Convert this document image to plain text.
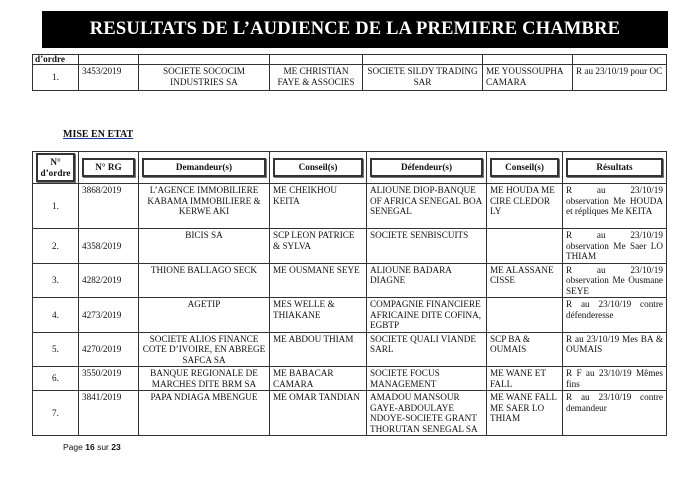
RESULTATS DE L’AUDIENCE DE LA PREMIERE CHAMBRE
d’ordre						
1.	3453/2019	SOCIETE SOCOCIM INDUSTRIES SA	ME CHRISTIAN FAYE & ASSOCIES	SOCIETE SILDY TRADING SAR	ME YOUSSOUPHA CAMARA	R au 23/10/19 pour OC
MISE EN ETAT
N° d’ordre	N° RG	Demandeur(s)	Conseil(s)	Défendeur(s)	Conseil(s)	Résultats

1.	3868/2019	L’AGENCE IMMOBILIERE KABAMA IMMOBILIERE & KERWE AKI	ME CHEIKHOU KEITA	ALIOUNE DIOP-BANQUE OF AFRICA SENEGAL BOA SENEGAL	ME HOUDA ME CIRE CLEDOR LY	R au 23/10/19 observation Me HOUDA et répliques Me KEITA
2.	4358/2019	BICIS SA	SCP LEON PATRICE & SYLVA	SOCIETE SENBISCUITS		R au 23/10/19 observation Me Saer LO THIAM
3.	4282/2019	THIONE BALLAGO SECK	ME OUSMANE SEYE	ALIOUNE BADARA DIAGNE	ME ALASSANE CISSE	R au 23/10/19 observation Me Ousmane SEYE
4.	4273/2019	AGETIP	MES WELLE & THIAKANE	COMPAGNIE FINANCIERE AFRICAINE DITE COFINA, EGBTP		R au 23/10/19 contre défenderesse
5.	4270/2019	SOCIETE ALIOS FINANCE COTE D’IVOIRE, EN ABREGE SAFCA SA	ME ABDOU THIAM	SOCIETE QUALI VIANDE SARL	SCP BA & OUMAIS	R au 23/10/19 Mes BA & OUMAIS
6.	3550/2019	BANQUE REGIONALE DE MARCHES DITE BRM SA	ME BABACAR CAMARA	SOCIETE FOCUS MANAGEMENT	ME WANE ET FALL	R F au 23/10/19 Mêmes fins
7.	3841/2019	PAPA NDIAGA MBENGUE	ME OMAR TANDIAN	AMADOU MANSOUR GAYE-ABDOULAYE NDOYE-SOCIETE GRANT THORUTAN SENEGAL SA	ME WANE FALL ME SAER LO THIAM	R au 23/10/19 contre demandeur
Page 16 sur 23
